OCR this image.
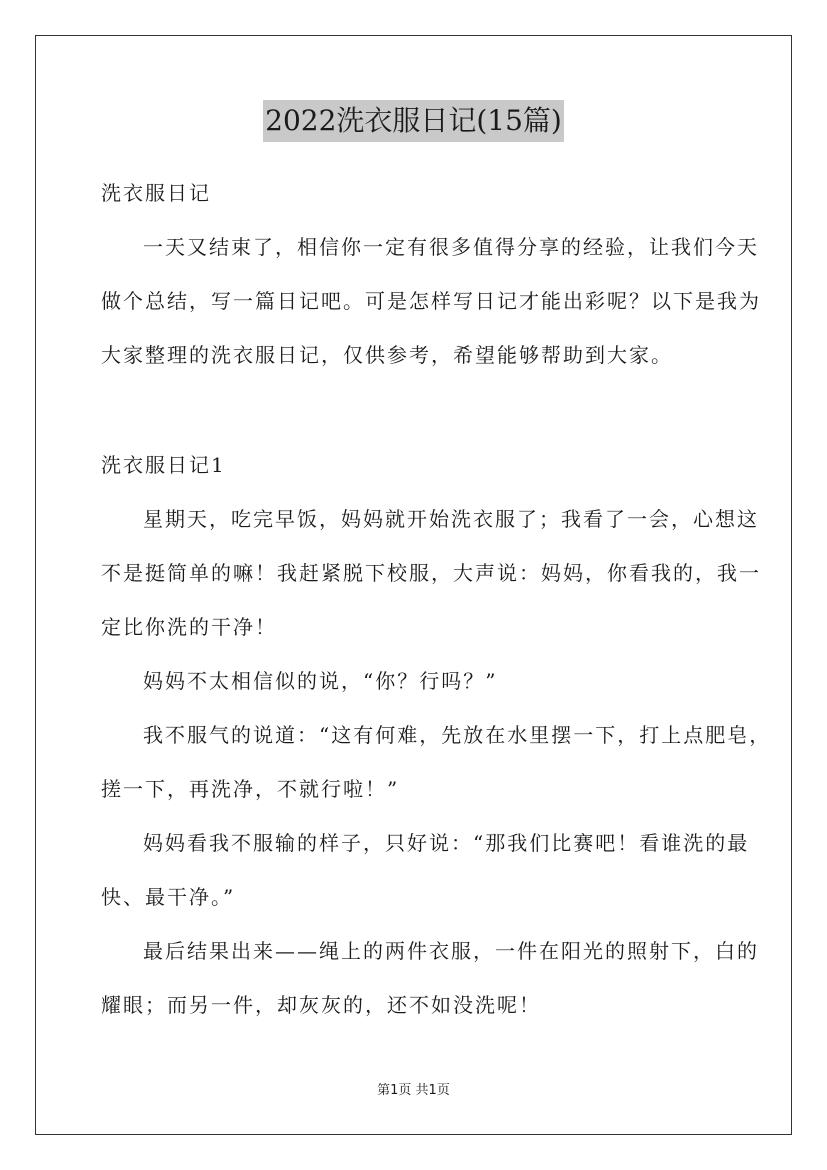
2022洗衣服日记(15篇)
洗衣服日记
一天又结束了，相信你一定有很多值得分享的经验，让我们今天
做个总结，写一篇日记吧。可是怎样写日记才能出彩呢？以下是我为
大家整理的洗衣服日记，仅供参考，希望能够帮助到大家。
洗衣服日记1
星期天，吃完早饭，妈妈就开始洗衣服了；我看了一会，心想这
不是挺简单的嘛！我赶紧脱下校服，大声说：妈妈，你看我的，我一
定比你洗的干净！
妈妈不太相信似的说，“你？行吗？”
我不服气的说道：“这有何难，先放在水里摆一下，打上点肥皂，
搓一下，再洗净，不就行啦！”
妈妈看我不服输的样子，只好说：“那我们比赛吧！看谁洗的最
快、最干净。”
最后结果出来——绳上的两件衣服，一件在阳光的照射下，白的
耀眼；而另一件，却灰灰的，还不如没洗呢！
第1页 共1页
